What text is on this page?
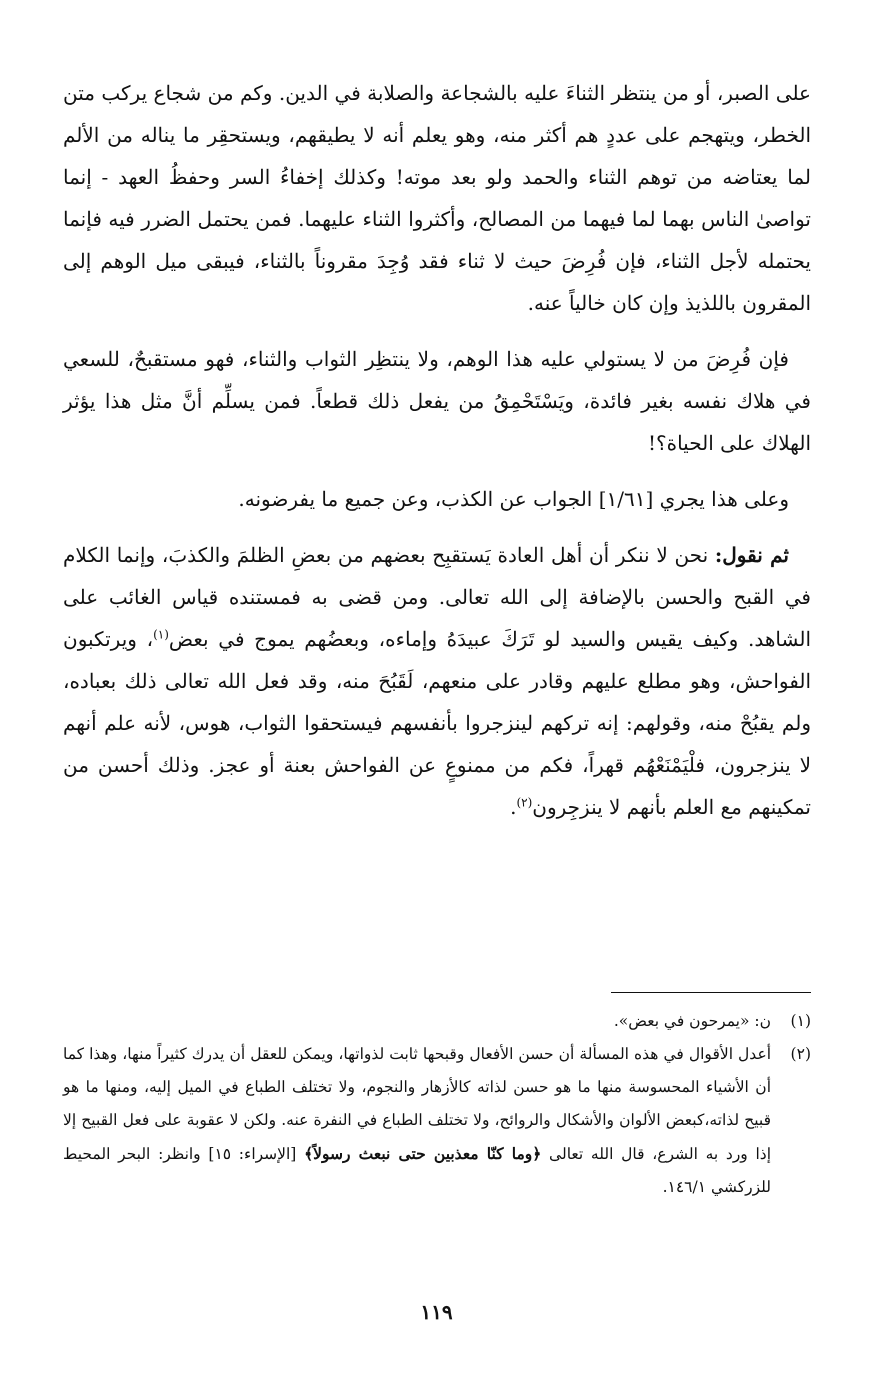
على الصبر، أو من ينتظر الثناءَ عليه بالشجاعة والصلابة في الدين. وكم من شجاع يركب متن الخطر، ويتهجم على عددٍ هم أكثر منه، وهو يعلم أنه لا يطيقهم، ويستحقِر ما يناله من الألم لما يعتاضه من توهم الثناء والحمد ولو بعد موته! وكذلك إخفاءُ السر وحفظُ العهد - إنما تواصىٰ الناس بهما لما فيهما من المصالح، وأكثروا الثناء عليهما. فمن يحتمل الضرر فيه فإنما يحتمله لأجل الثناء، فإن فُرِضَ حيث لا ثناء فقد وُجِدَ مقروناً بالثناء، فيبقى ميل الوهم إلى المقرون باللذيذ وإن كان خالياً عنه.

فإن فُرِضَ من لا يستولي عليه هذا الوهم، ولا ينتظِر الثواب والثناء، فهو مستقبحٌ، للسعي في هلاك نفسه بغير فائدة، ويَسْتَحْمِقُ من يفعل ذلك قطعاً. فمن يسلِّم أنَّ مثل هذا يؤثر الهلاك على الحياة؟!

وعلى هذا يجري [١/٦١] الجواب عن الكذب، وعن جميع ما يفرضونه.

ثم نقول: نحن لا ننكر أن أهل العادة يَستقبِح بعضهم من بعضِ الظلمَ والكذبَ، وإنما الكلام في القبح والحسن بالإضافة إلى الله تعالى. ومن قضى به فمستنده قياس الغائب على الشاهد. وكيف يقيس والسيد لو تَرَكَ عبيدَهُ وإماءه، وبعضُهم يموج في بعض$^{(١)}$، ويرتكبون الفواحش، وهو مطلع عليهم وقادر على منعهم، لَقَبُحَ منه، وقد فعل الله تعالى ذلك بعباده، ولم يقبُحْ منه، وقولهم: إنه تركهم لينزجروا بأنفسهم فيستحقوا الثواب، هوس، لأنه علم أنهم لا ينزجرون، فلْيَمْنَعْهُم قهراً، فكم من ممنوعٍ عن الفواحش بعنة أو عجز. وذلك أحسن من تمكينهم مع العلم بأنهم لا ينزجِرون$^{(٢)}$.

(١)
ن: «يمرحون في بعض».
(٢)
أعدل الأقوال في هذه المسألة أن حسن الأفعال وقبحها ثابت لذواتها، ويمكن للعقل أن يدرك كثيراً منها، وهذا كما أن الأشياء المحسوسة منها ما هو حسن لذاته كالأزهار والنجوم، ولا تختلف الطباع في الميل إليه، ومنها ما هو قبيح لذاته،كبعض الألوان والأشكال والروائح، ولا تختلف الطباع في النفرة عنه. ولكن لا عقوبة على فعل القبيح إلا إذا ورد به الشرع، قال الله تعالى ﴿وما كنّا معذبين حتى نبعث رسولاً﴾ [الإسراء: ١٥] وانظر: البحر المحيط للزركشي ١٤٦/١.
١١٩
